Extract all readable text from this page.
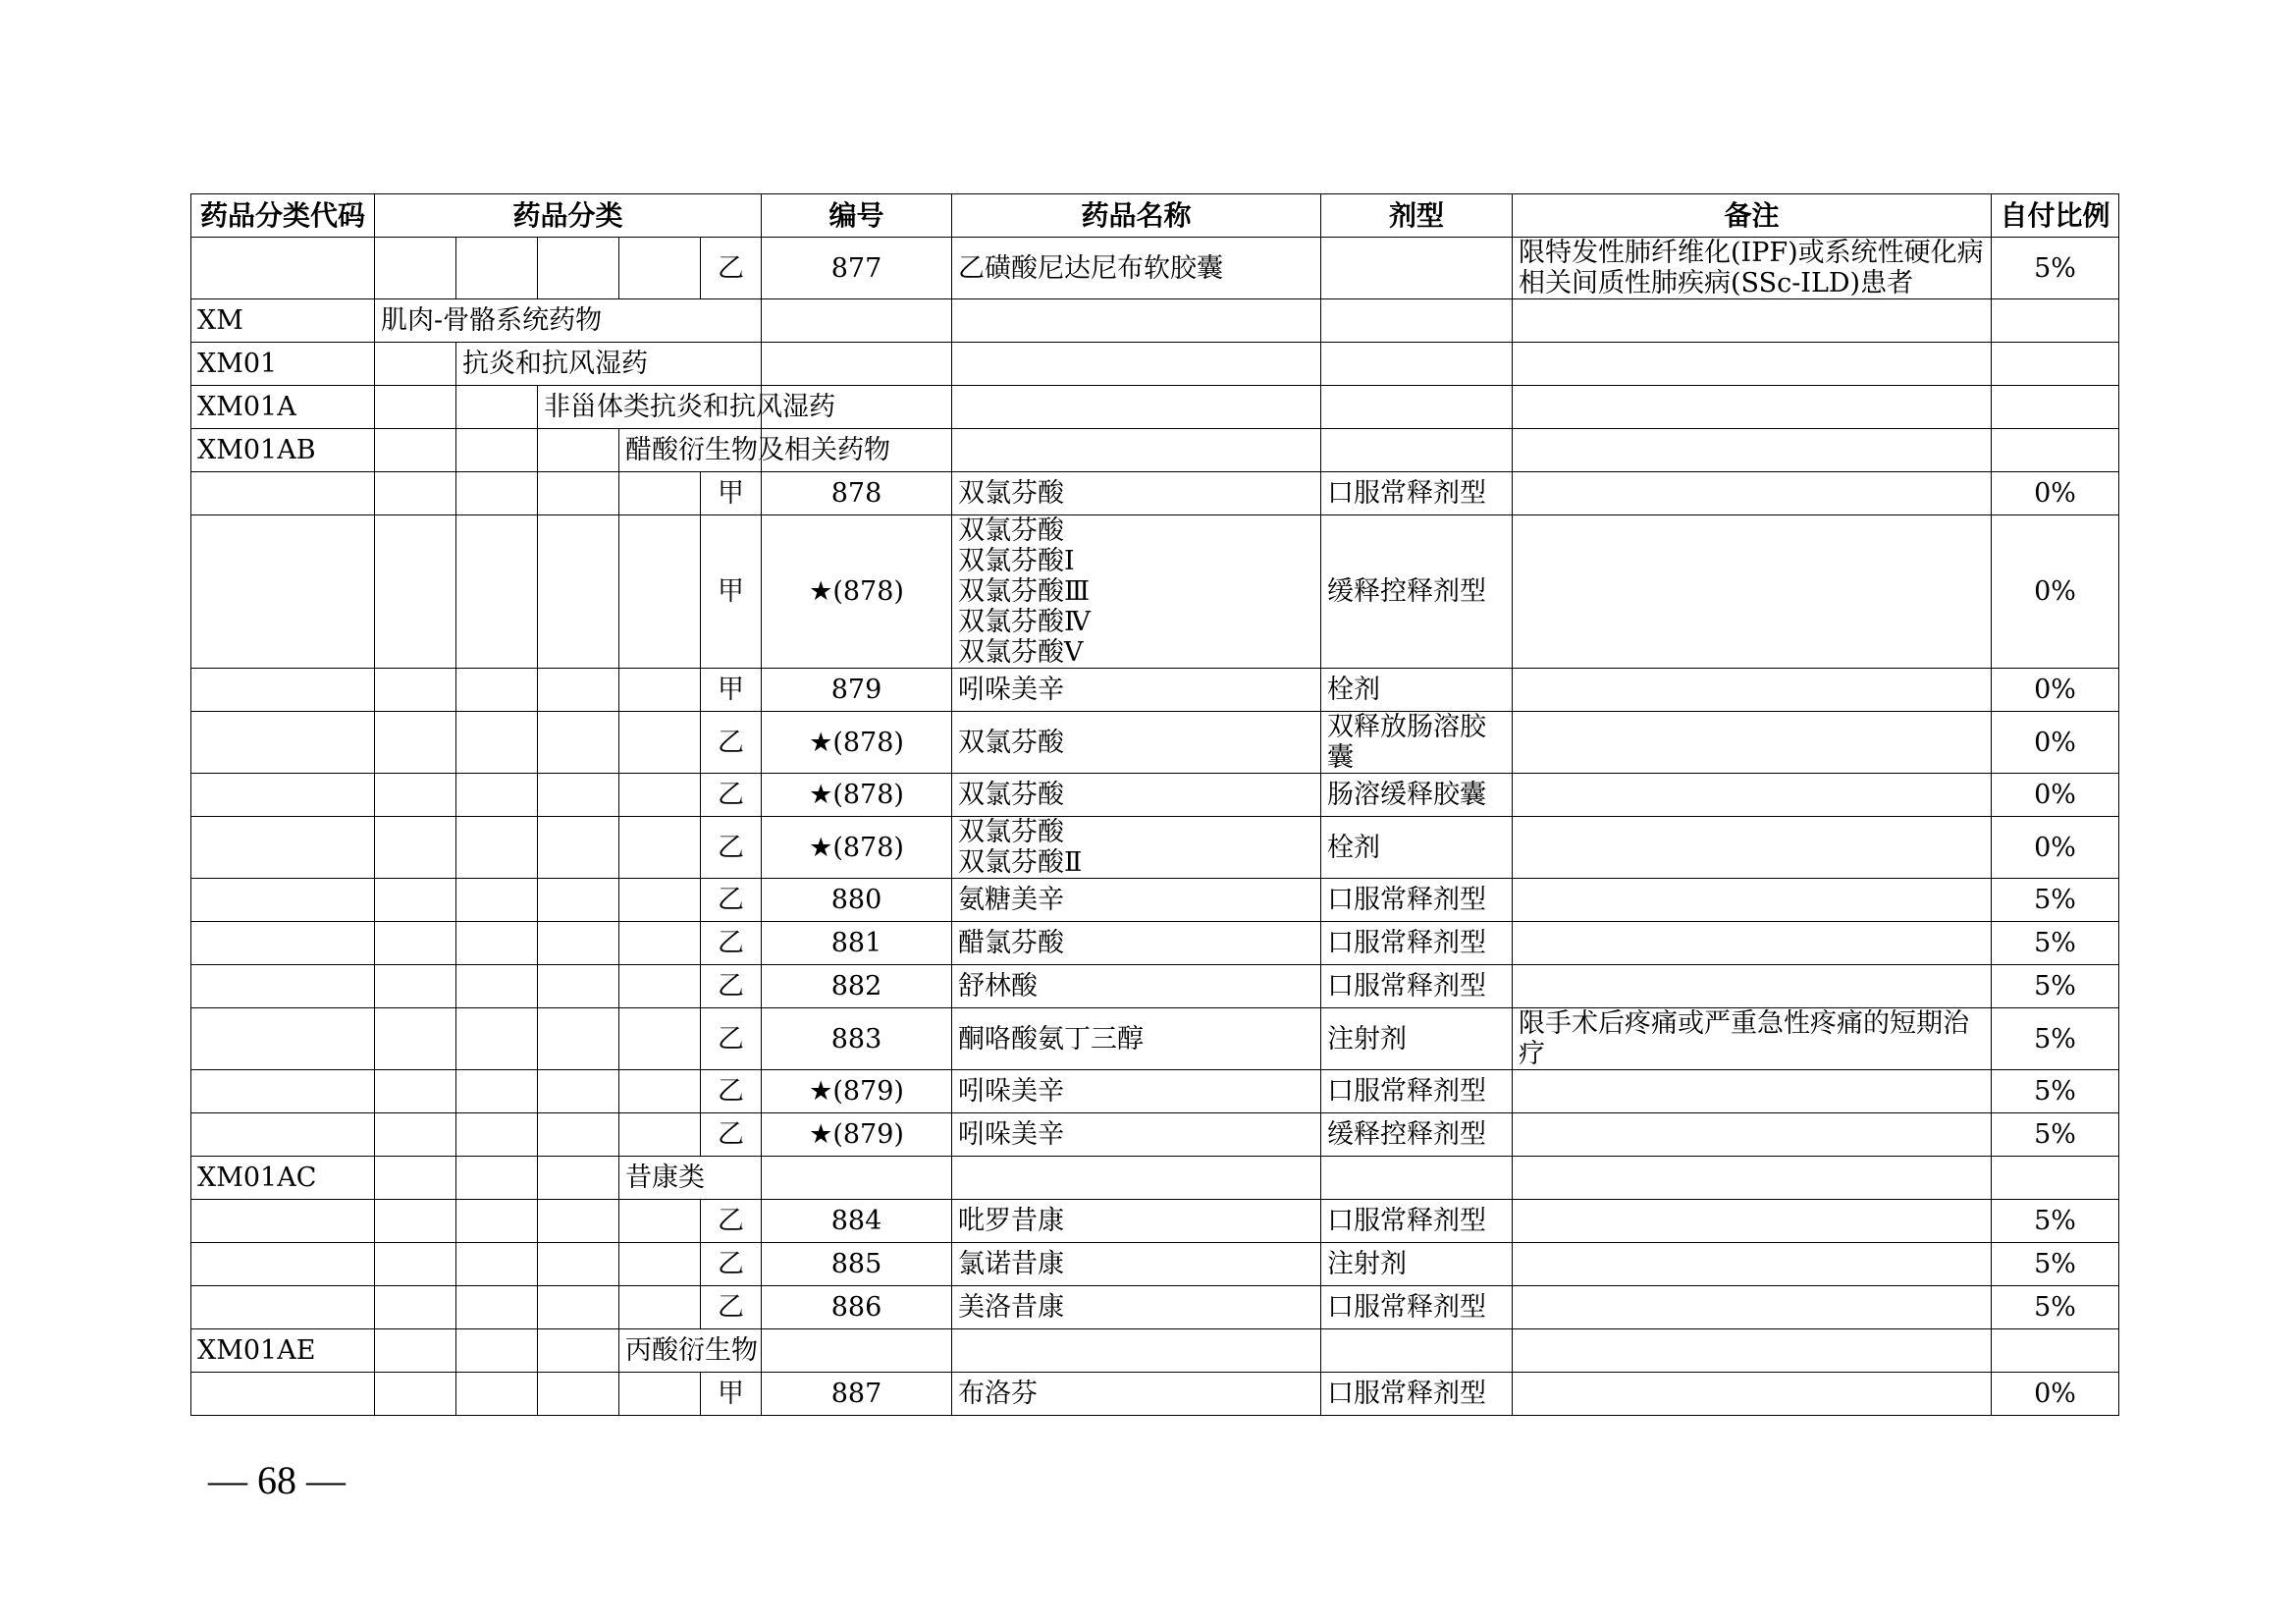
药品分类代码	药品分类					编号	药品名称	剂型	备注	自付比例
					乙	877	乙磺酸尼达尼布软胶囊		限特发性肺纤维化(IPF)或系统性硬化病
相关间质性肺疾病(SSc-ILD)患者	5%
XM	肌肉-骨骼系统药物									
XM01		抗炎和抗风湿药								
XM01A			非甾体类抗炎和抗风湿药							
XM01AB				醋酸衍生物及相关药物						
					甲	878	双氯芬酸	口服常释剂型		0%
					甲	★(878)	双氯芬酸
双氯芬酸Ⅰ
双氯芬酸Ⅲ
双氯芬酸Ⅳ
双氯芬酸Ⅴ	缓释控释剂型		0%
					甲	879	吲哚美辛	栓剂		0%
					乙	★(878)	双氯芬酸	双释放肠溶胶囊		0%
					乙	★(878)	双氯芬酸	肠溶缓释胶囊		0%
					乙	★(878)	双氯芬酸
双氯芬酸Ⅱ	栓剂		0%
					乙	880	氨糖美辛	口服常释剂型		5%
					乙	881	醋氯芬酸	口服常释剂型		5%
					乙	882	舒林酸	口服常释剂型		5%
					乙	883	酮咯酸氨丁三醇	注射剂	限手术后疼痛或严重急性疼痛的短期治疗	5%
					乙	★(879)	吲哚美辛	口服常释剂型		5%
					乙	★(879)	吲哚美辛	缓释控释剂型		5%
XM01AC				昔康类						
					乙	884	吡罗昔康	口服常释剂型		5%
					乙	885	氯诺昔康	注射剂		5%
					乙	886	美洛昔康	口服常释剂型		5%
XM01AE				丙酸衍生物						
					甲	887	布洛芬	口服常释剂型		0%
— 68 —
